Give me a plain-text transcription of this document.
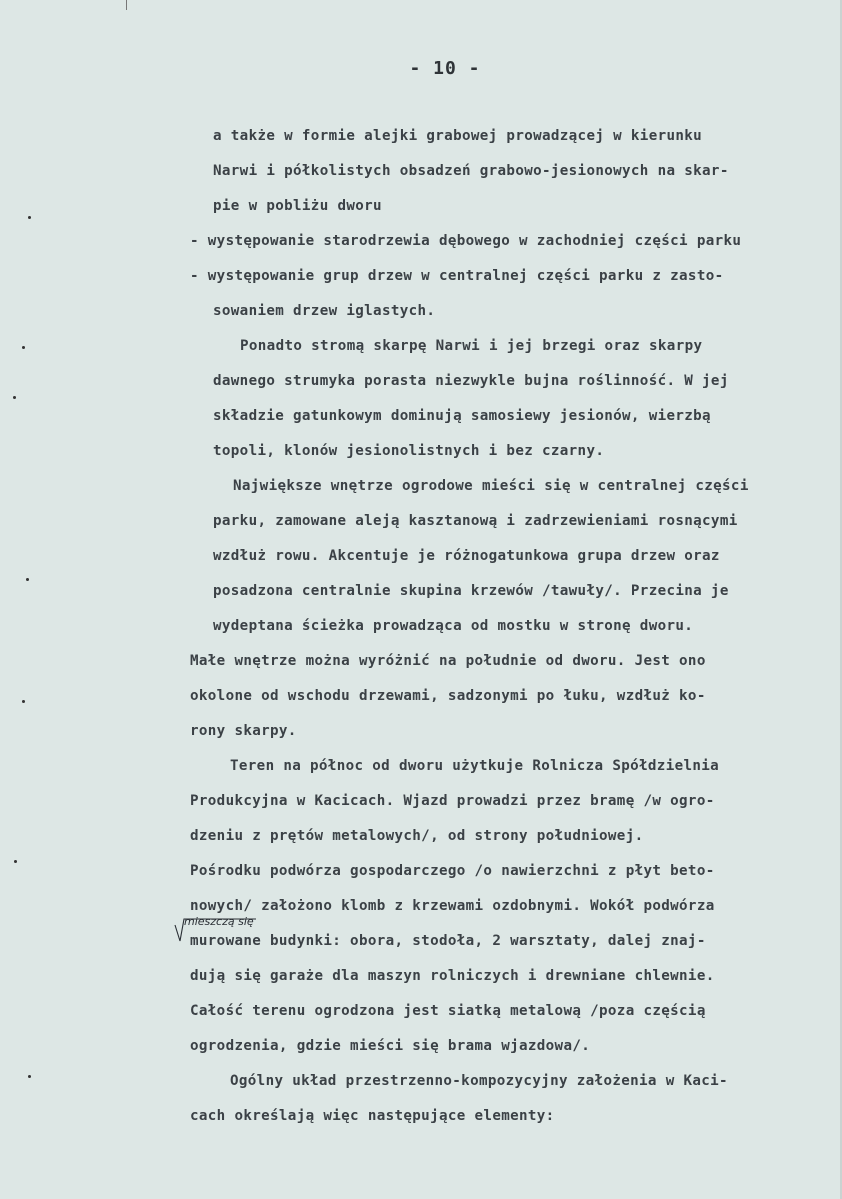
- 10 -
a także w formie alejki grabowej prowadzącej w kierunku
Narwi i półkolistych obsadzeń grabowo-jesionowych na skar-
pie w pobliżu dworu
- występowanie starodrzewia dębowego w zachodniej części parku
- występowanie grup drzew w centralnej części parku z zasto-
sowaniem drzew iglastych.
Ponadto stromą skarpę Narwi i jej brzegi oraz skarpy
dawnego strumyka porasta niezwykle bujna roślinność. W jej
składzie gatunkowym dominują samosiewy jesionów, wierzbą
topoli, klonów jesionolistnych i bez czarny.
Największe wnętrze ogrodowe mieści się w centralnej części
parku, zamowane aleją kasztanową i zadrzewieniami rosnącymi
wzdłuż rowu. Akcentuje je różnogatunkowa grupa drzew oraz
posadzona centralnie skupina krzewów /tawuły/. Przecina je
wydeptana ścieżka prowadząca od mostku w stronę dworu.
Małe wnętrze można wyróżnić na południe od dworu. Jest ono
okolone od wschodu drzewami, sadzonymi po łuku, wzdłuż ko-
rony skarpy.
Teren na północ od dworu użytkuje Rolnicza Spółdzielnia
Produkcyjna w Kacicach. Wjazd prowadzi przez bramę /w ogro-
dzeniu z prętów metalowych/, od strony południowej.
Pośrodku podwórza gospodarczego /o nawierzchni z płyt beto-
nowych/ założono klomb z krzewami ozdobnymi. Wokół podwórza
murowane budynki: obora, stodoła, 2 warsztaty, dalej znaj-
dują się garaże dla maszyn rolniczych i drewniane chlewnie.
Całość terenu ogrodzona jest siatką metalową /poza częścią
ogrodzenia, gdzie mieści się brama wjazdowa/.
Ogólny układ przestrzenno-kompozycyjny założenia w Kaci-
cach określają więc następujące elementy:
mieszczą się
